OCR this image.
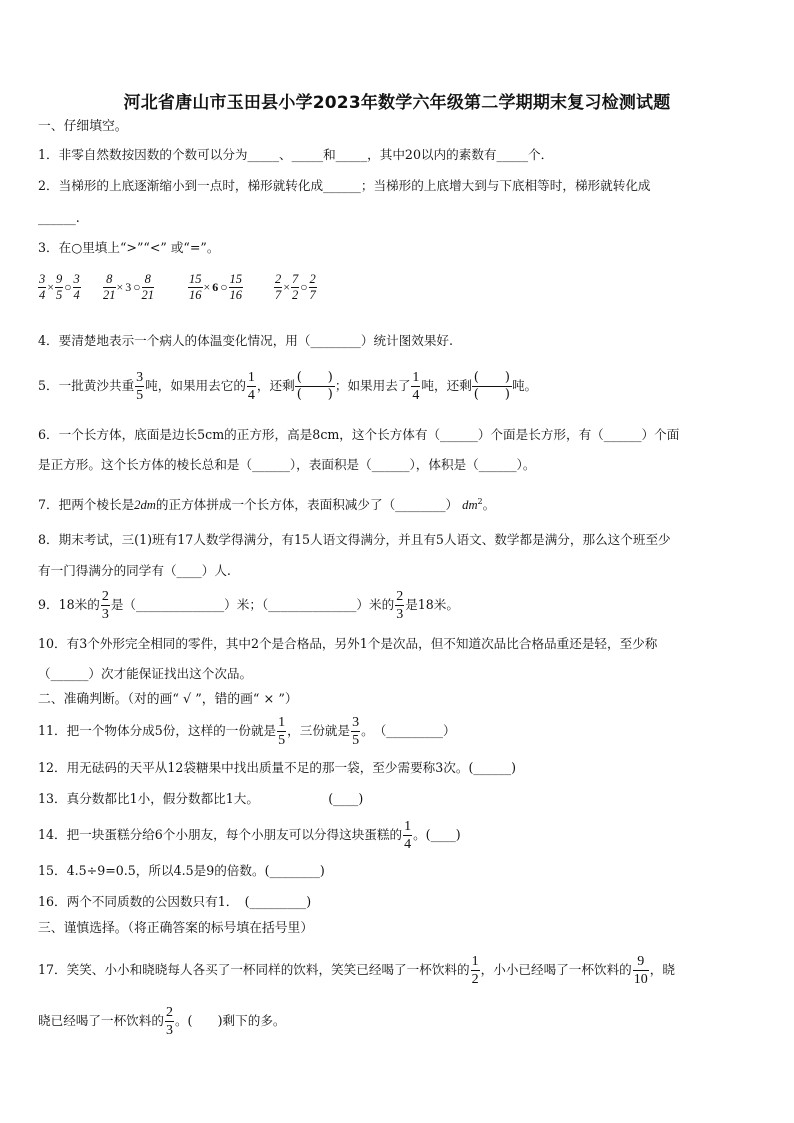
河北省唐山市玉田县小学2023年数学六年级第二学期期末复习检测试题
一、仔细填空。
1．非零自然数按因数的个数可以分为_____、_____和_____，其中20以内的素数有_____个．
2．当梯形的上底逐渐缩小到一点时，梯形就转化成______；当梯形的上底增大到与下底相等时，梯形就转化成
______.
3．在○里填上“>”“<” 或“=”。
$\frac{3}{4} \times \frac{9}{5}$ ○ $\frac{3}{4} \frac{8}{21} \times 3$ ○ $\frac{8}{21}$	$\frac{15}{16} \times 6$ ○ $\frac{15}{16} \frac{2}{7} \times \frac{7}{2}$ ○ $\frac{2}{7}$
4．要清楚地表示一个病人的体温变化情况，用（________）统计图效果好.
5．一批黄沙共重 $\frac{3}{5}$ 吨，如果用去它的 $\frac{1}{4}$ ，还剩
(　　)
(　　)
；如果用去了 $\frac{1}{4}$ 吨，还剩
(　　)
(　　)
吨。
6．一个长方体，底面是边长5cm的正方形，高是8cm，这个长方体有（______）个面是长方形，有（______）个面
是正方形。这个长方体的棱长总和是（______），表面积是（______），体积是（______）。
7．把两个棱长是2dm的正方体拼成一个长方体，表面积减少了（________） $dm^2$。
8．期末考试，三(1)班有17人数学得满分，有15人语文得满分，并且有5人语文、数学都是满分，那么这个班至少
有一门得满分的同学有（____）人.
9．18米的 $\frac{2}{3}$ 是（______________）米；（______________）米的 $\frac{2}{3}$ 是18米。
10．有3个外形完全相同的零件，其中2个是合格品，另外1个是次品，但不知道次品比合格品重还是轻，至少称
（______）次才能保证找出这个次品。
二、准确判断。（对的画“ √ ”，错的画“ × ”）
11．把一个物体分成5份，这样的一份就是 $\frac{1}{5}$ ，三份就是 $\frac{3}{5}$ 。　（_________）
12．用无砝码的天平从12袋糖果中找出质量不足的那一袋，至少需要称3次。(______)
13．真分数都比1小，假分数都比1大。　　　　　　(____)
14．把一块蛋糕分给6个小朋友，每个小朋友可以分得这块蛋糕的 $\frac{1}{4}$ 。(____)
15．4.5÷9=0.5，所以4.5是9的倍数。(________)
16．两个不同质数的公因数只有1．　(_________)
三、谨慎选择。（将正确答案的标号填在括号里）
17．笑笑、小小和晓晓每人各买了一杯同样的饮料，笑笑已经喝了一杯饮料的 $\frac{1}{2}$ ，小小已经喝了一杯饮料的 $\frac{9}{10}$ ，晓
晓已经喝了一杯饮料的 $\frac{2}{3}$ 。(　　)剩下的多。
